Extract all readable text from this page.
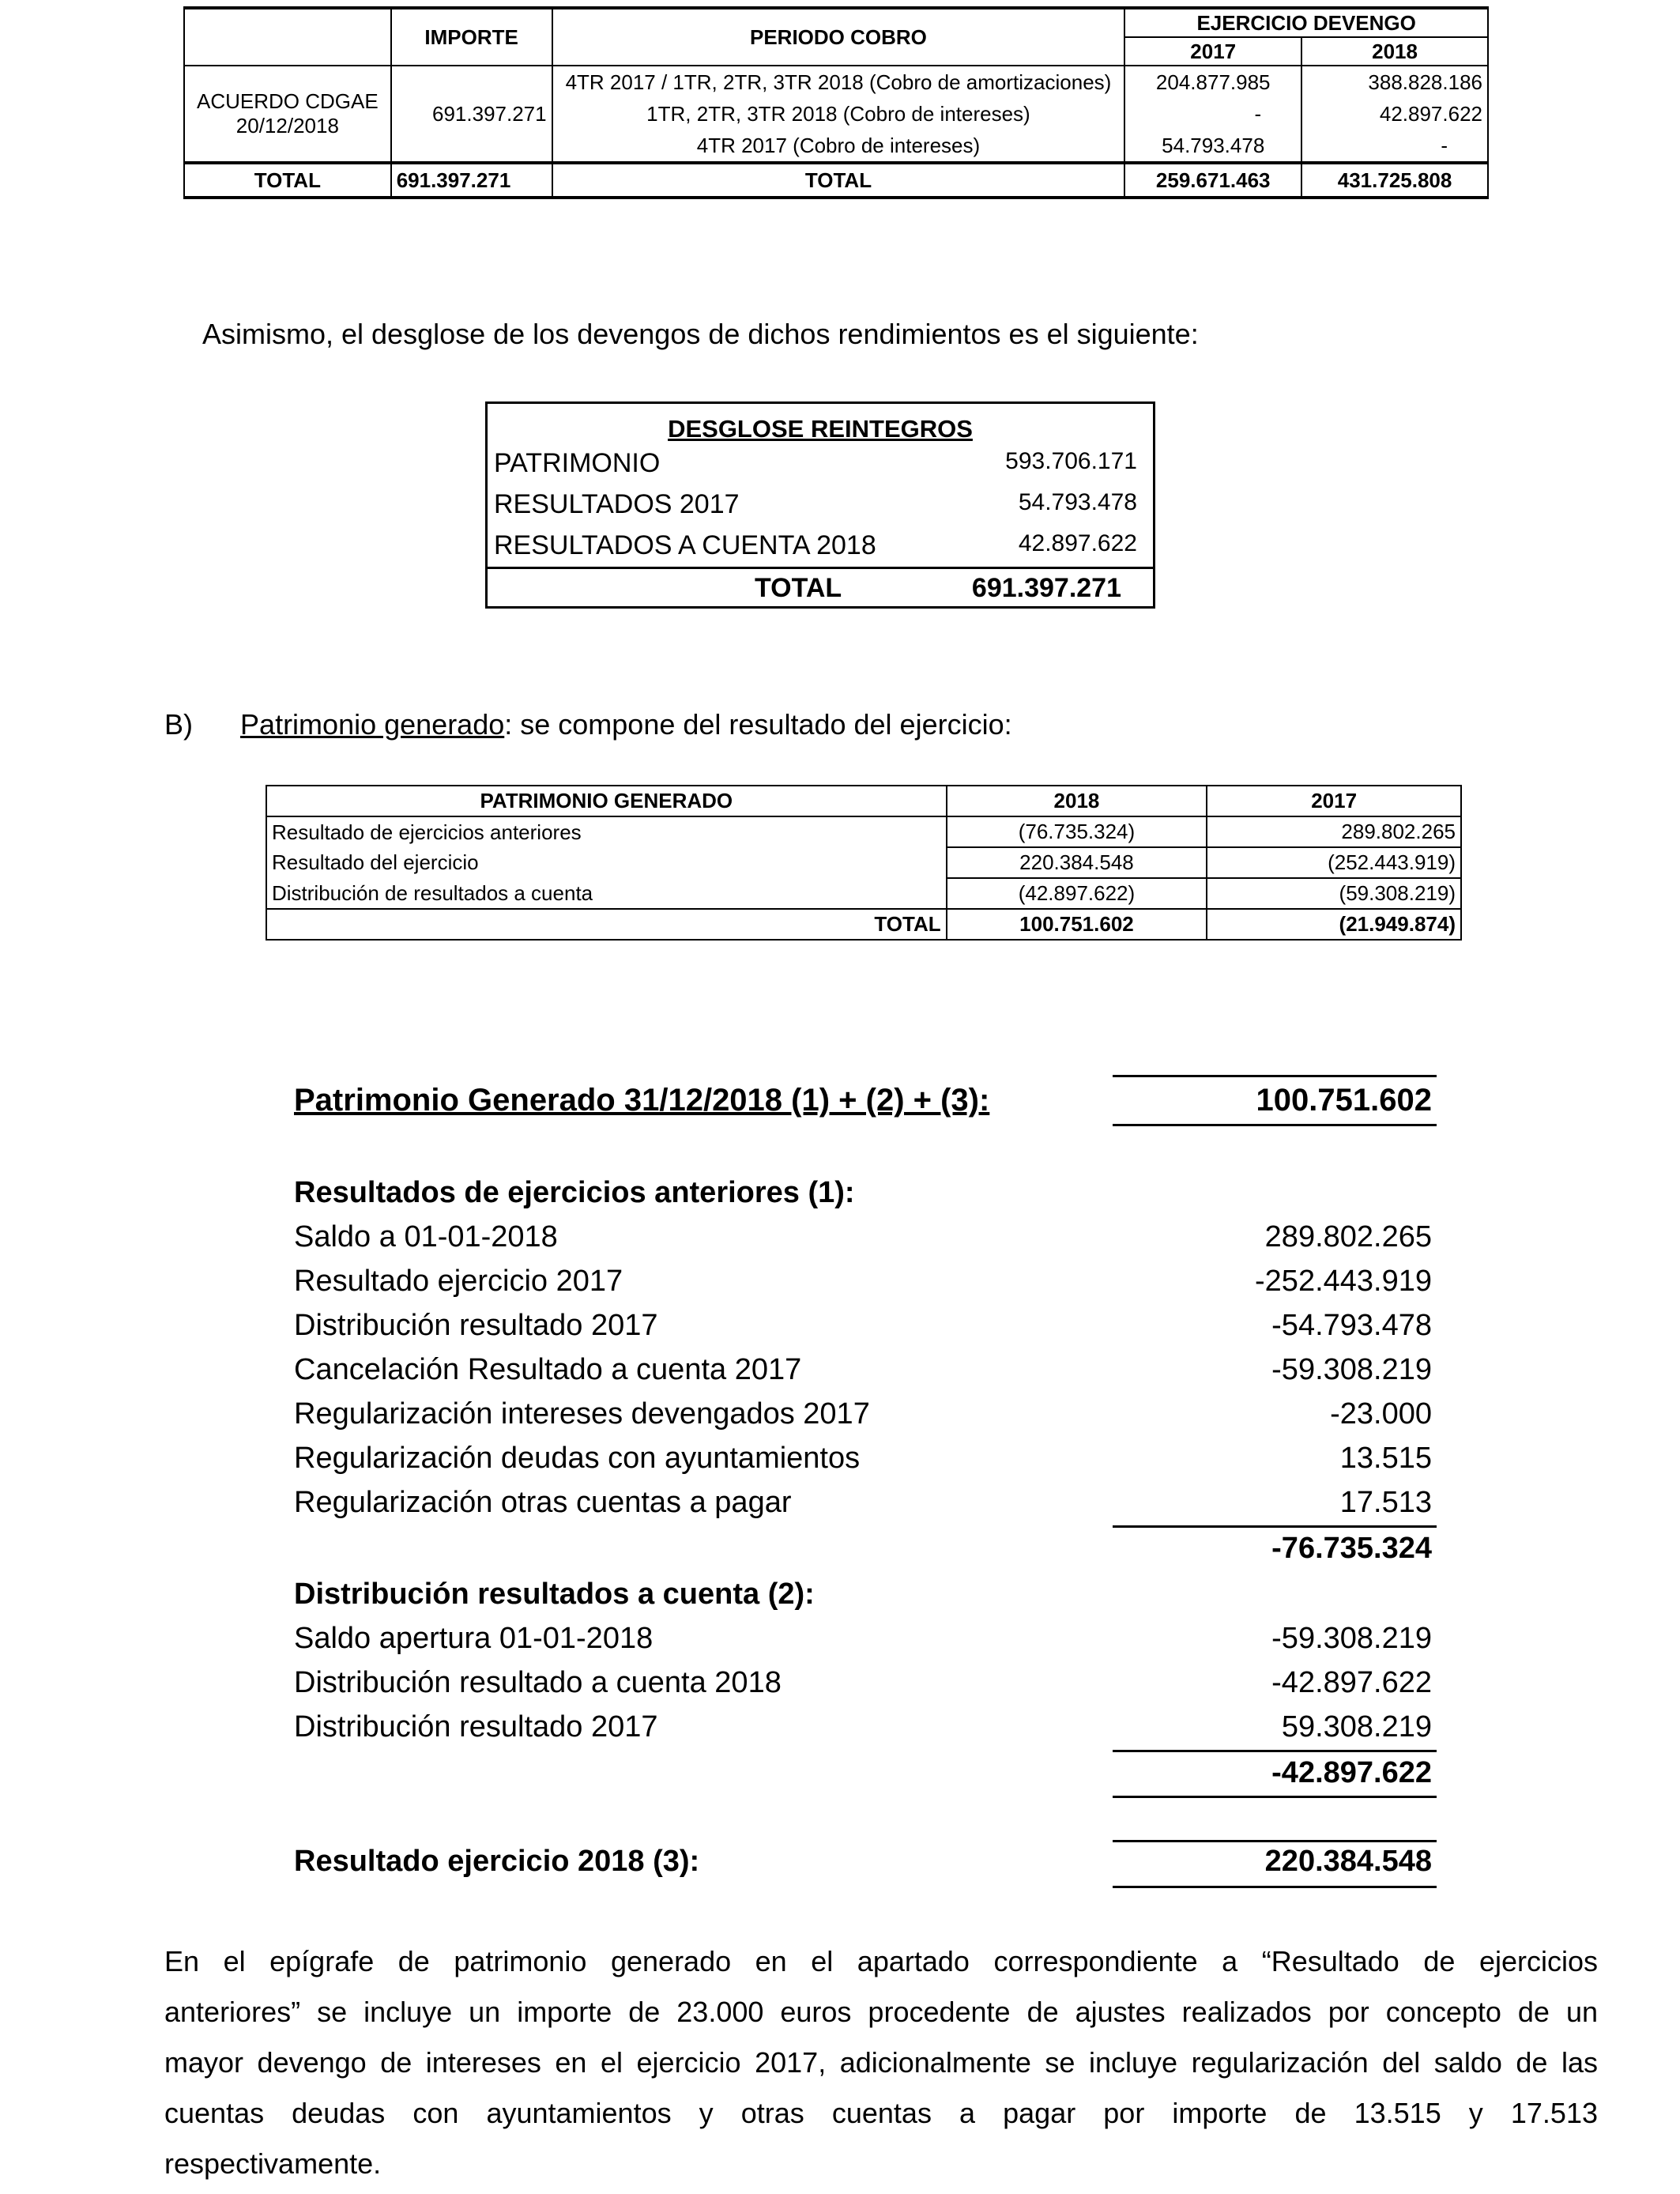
	IMPORTE	PERIODO COBRO	EJERCICIO DEVENGO	
			2017	2018

ACUERDO CDGAE
20/12/2018	691.397.271	4TR 2017 / 1TR, 2TR, 3TR 2018 (Cobro de amortizaciones)	204.877.985	388.828.186
		1TR, 2TR, 3TR 2018 (Cobro de intereses)	-	42.897.622
		4TR 2017 (Cobro de intereses)	54.793.478	-
TOTAL	691.397.271	TOTAL	259.671.463	431.725.808
Asimismo, el desglose de los devengos de dichos rendimientos es el siguiente:
DESGLOSE REINTEGROS
PATRIMONIO	593.706.171
RESULTADOS 2017	54.793.478
RESULTADOS A CUENTA 2018	42.897.622
TOTAL	691.397.271
B) Patrimonio generado: se compone del resultado del ejercicio:
PATRIMONIO GENERADO	2018	2017
Resultado de ejercicios anteriores	(76.735.324)	289.802.265
Resultado del ejercicio	220.384.548	(252.443.919)
Distribución de resultados a cuenta	(42.897.622)	(59.308.219)
TOTAL	100.751.602	(21.949.874)
Patrimonio Generado 31/12/2018 (1) + (2) + (3):	100.751.602
Resultados de ejercicios anteriores (1):
Saldo a 01-01-2018	289.802.265
Resultado ejercicio 2017	-252.443.919
Distribución resultado 2017	-54.793.478
Cancelación Resultado a cuenta 2017	-59.308.219
Regularización intereses devengados 2017	-23.000
Regularización deudas con ayuntamientos	13.515
Regularización otras cuentas a pagar	17.513
-76.735.324
Distribución resultados a cuenta (2):
Saldo apertura 01-01-2018	-59.308.219
Distribución resultado a cuenta 2018	-42.897.622
Distribución resultado 2017	59.308.219
-42.897.622
Resultado ejercicio 2018 (3):	220.384.548
En el epígrafe de patrimonio generado en el apartado correspondiente a “Resultado de ejercicios
anteriores” se incluye un importe de 23.000 euros procedente de ajustes realizados por concepto de un
mayor devengo de intereses en el ejercicio 2017, adicionalmente se incluye regularización del saldo de las
cuentas deudas con ayuntamientos y otras cuentas a pagar por importe de 13.515 y 17.513
respectivamente.
